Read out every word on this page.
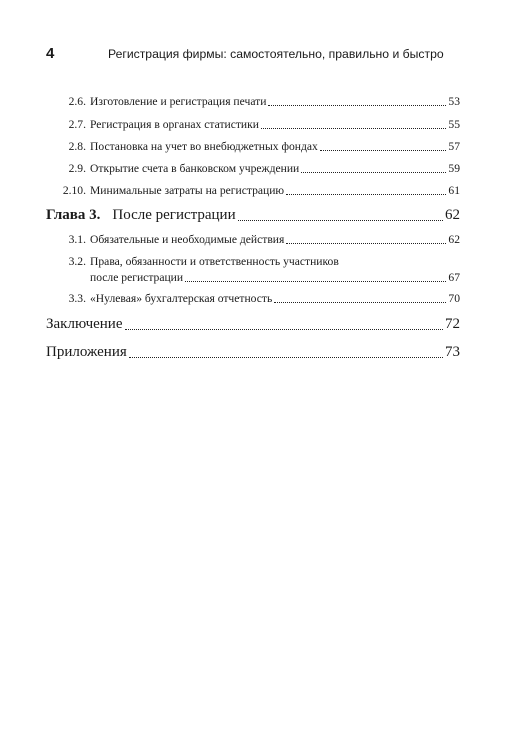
4	Регистрация фирмы: самостоятельно, правильно и быстро
2.6. Изготовление и регистрация печати	53
2.7. Регистрация в органах статистики	55
2.8. Постановка на учет во внебюджетных фондах	57
2.9. Открытие счета в банковском учреждении	59
2.10. Минимальные затраты на регистрацию	61
Глава 3. После регистрации	62
3.1. Обязательные и необходимые действия	62
3.2. Права, обязанности и ответственность участников
после регистрации	67
3.3. «Нулевая» бухгалтерская отчетность	70
Заключение	72
Приложения	73
